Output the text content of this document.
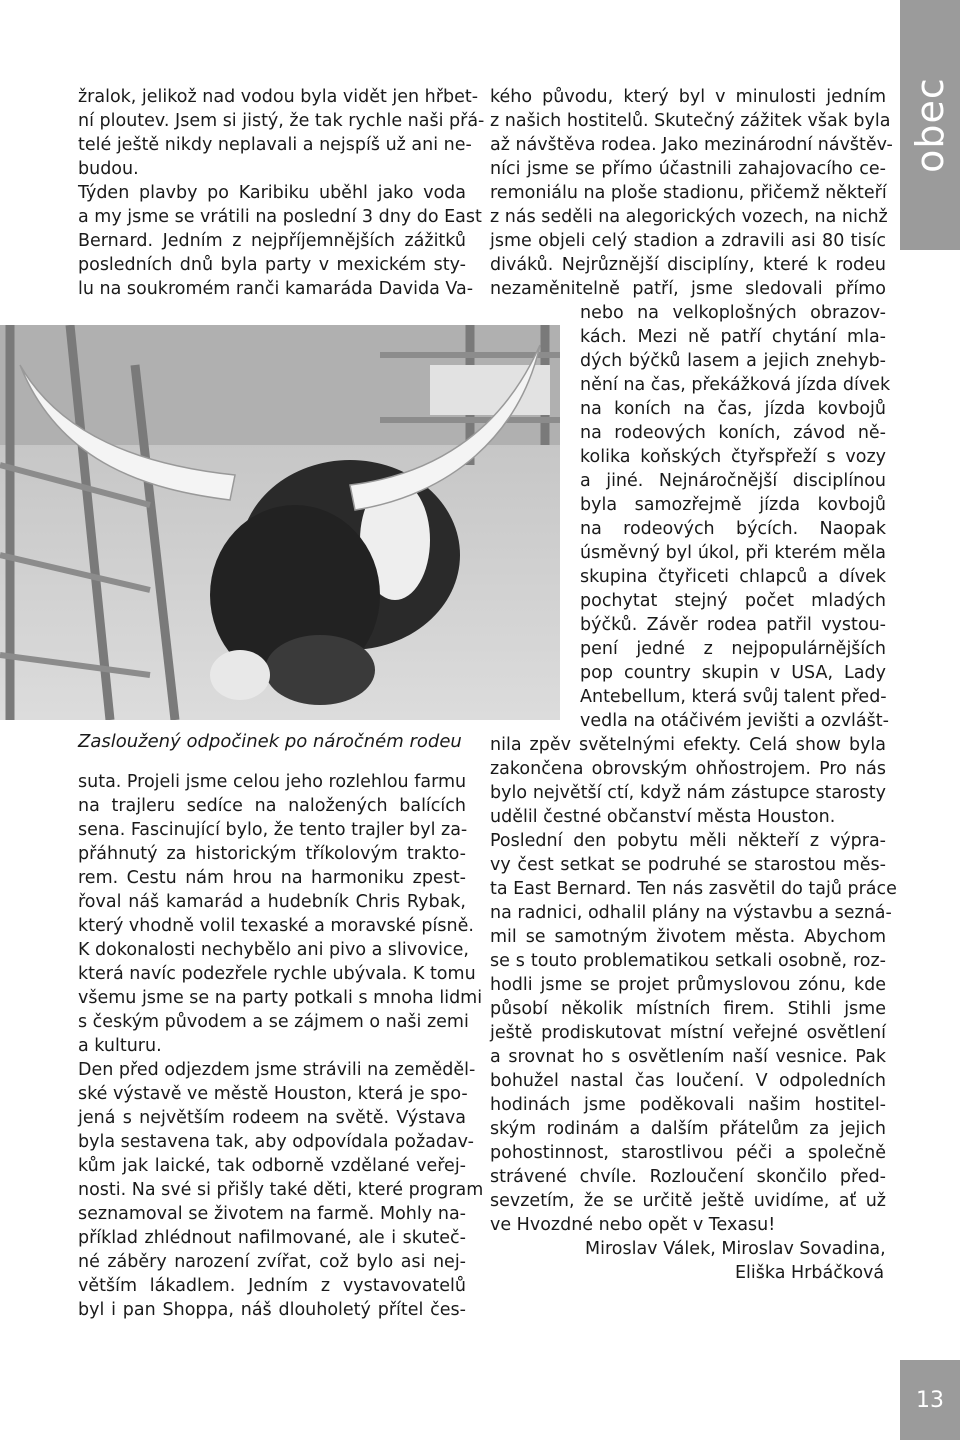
obec
13
Zasloužený odpočinek po náročném rodeu
žralok, jelikož nad vodou byla vidět jen hřbet-
ní ploutev. Jsem si jistý, že tak rychle naši přá-
telé ještě nikdy neplavali a nejspíš už ani ne-
budou.
Týden plavby po Karibiku uběhl jako voda
a my jsme se vrátili na poslední 3 dny do East
Bernard. Jedním z nejpříjemnějších zážitků
posledních dnů byla party v mexickém sty-
lu na soukromém ranči kamaráda Davida Va-
suta. Projeli jsme celou jeho rozlehlou farmu
na trajleru sedíce na naložených balících
sena. Fascinující bylo, že tento trajler byl za-
přáhnutý za historickým tříkolovým trakto-
rem. Cestu nám hrou na harmoniku zpest-
řoval náš kamarád a hudebník Chris Rybak,
který vhodně volil texaské a moravské písně.
K dokonalosti nechybělo ani pivo a slivovice,
která navíc podezřele rychle ubývala. K tomu
všemu jsme se na party potkali s mnoha lidmi
s českým původem a se zájmem o naši zemi
a kulturu.
Den před odjezdem jsme strávili na zeměděl-
ské výstavě ve městě Houston, která je spo-
jená s největším rodeem na světě. Výstava
byla sestavena tak, aby odpovídala požadav-
kům jak laické, tak odborně vzdělané veřej-
nosti. Na své si přišly také děti, které program
seznamoval se životem na farmě. Mohly na-
příklad zhlédnout nafilmované, ale i skuteč-
né záběry narození zvířat, což bylo asi nej-
větším lákadlem. Jedním z vystavovatelů
byl i pan Shoppa, náš dlouholetý přítel čes-
kého původu, který byl v minulosti jedním
z našich hostitelů. Skutečný zážitek však byla
až návštěva rodea. Jako mezinárodní návštěv-
níci jsme se přímo účastnili zahajovacího ce-
remoniálu na ploše stadionu, přičemž někteří
z nás seděli na alegorických vozech, na nichž
jsme objeli celý stadion a zdravili asi 80 tisíc
diváků. Nejrůznější disciplíny, které k rodeu
nezaměnitelně patří, jsme sledovali přímo
nebo na velkoplošných obrazov-
kách. Mezi ně patří chytání mla-
dých býčků lasem a jejich znehyb-
nění na čas, překážková jízda dívek
na koních na čas, jízda kovbojů
na rodeových koních, závod ně-
kolika koňských čtyřspřeží s vozy
a jiné. Nejnáročnější disciplínou
byla samozřejmě jízda kovbojů
na rodeových býcích. Naopak
úsměvný byl úkol, při kterém měla
skupina čtyřiceti chlapců a dívek
pochytat stejný počet mladých
býčků. Závěr rodea patřil vystou-
pení jedné z nejpopulárnějších
pop country skupin v USA, Lady
Antebellum, která svůj talent před-
vedla na otáčivém jevišti a ozvlášt-
nila zpěv světelnými efekty. Celá show byla
zakončena obrovským ohňostrojem. Pro nás
bylo největší ctí, když nám zástupce starosty
udělil čestné občanství města Houston.
Poslední den pobytu měli někteří z výpra-
vy čest setkat se podruhé se starostou měs-
ta East Bernard. Ten nás zasvětil do tajů práce
na radnici, odhalil plány na výstavbu a sezná-
mil se samotným životem města. Abychom
se s touto problematikou setkali osobně, roz-
hodli jsme se projet průmyslovou zónu, kde
působí několik místních firem. Stihli jsme
ještě prodiskutovat místní veřejné osvětlení
a srovnat ho s osvětlením naší vesnice. Pak
bohužel nastal čas loučení. V odpoledních
hodinách jsme poděkovali našim hostitel-
ským rodinám a dalším přátelům za jejich
pohostinnost, starostlivou péči a společně
strávené chvíle. Rozloučení skončilo před-
sevzetím, že se určitě ještě uvidíme, ať už
ve Hvozdné nebo opět v Texasu!
Miroslav Válek, Miroslav Sovadina,
Eliška Hrbáčková
